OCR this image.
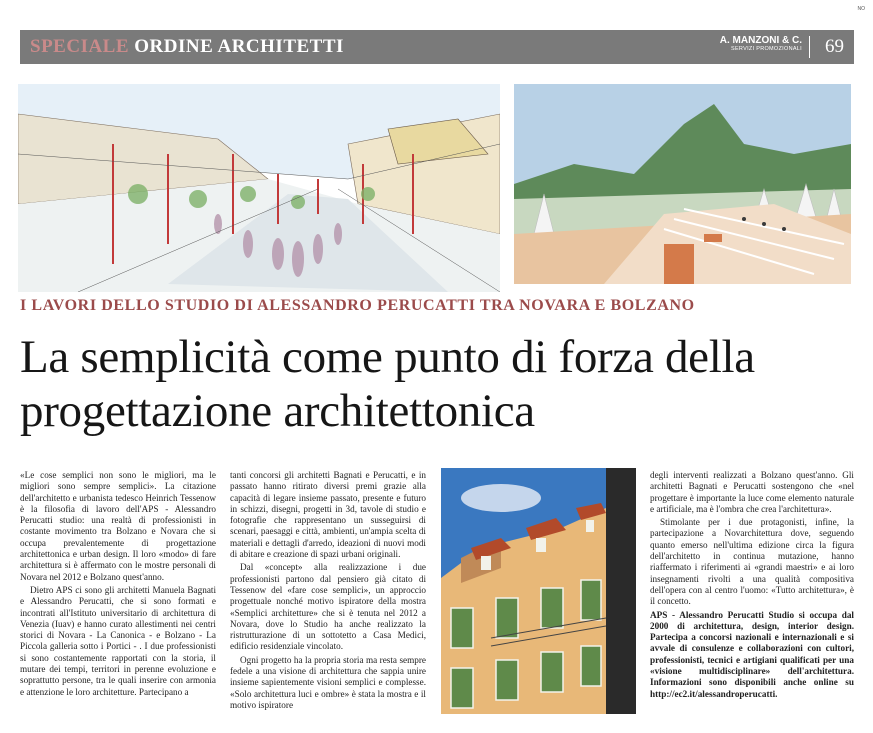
NO
SPECIALE ORDINE ARCHITETTI	A. MANZONI & C.
SERVIZI PROMOZIONALI 69
I LAVORI DELLO STUDIO DI ALESSANDRO PERUCATTI TRA NOVARA E BOLZANO
La semplicità come punto di forza della progettazione architettonica

«Le cose semplici non sono le migliori, ma le migliori sono sempre semplici». La citazione dell'architetto e urbanista tedesco Heinrich Tessenow è la filosofia di lavoro dell'APS - Alessandro Perucatti studio: una realtà di professionisti in costante movimento tra Bolzano e Novara che si occupa prevalentemente di progettazione architettonica e urban design. Il loro «modo» di fare architettura si è affermato con le mostre personali di Novara nel 2012 e Bolzano quest'anno.

Dietro APS ci sono gli architetti Manuela Bagnati e Alessandro Perucatti, che si sono formati e incontrati all'Istituto universitario di architettura di Venezia (Iuav) e hanno curato allestimenti nei centri storici di Novara - La Canonica - e Bolzano - La Piccola galleria sotto i Portici - . I due professionisti si sono costantemente rapportati con la storia, il mutare dei tempi, territori in perenne evoluzione e soprattutto persone, tra le quali inserire con armonia e attenzione le loro architetture. Partecipano a

tanti concorsi gli architetti Bagnati e Perucatti, e in passato hanno ritirato diversi premi grazie alla capacità di legare insieme passato, presente e futuro in schizzi, disegni, progetti in 3d, tavole di studio e fotografie che rappresentano un susseguirsi di scenari, paesaggi e città, ambienti, un'ampia scelta di materiali e dettagli d'arredo, ideazioni di nuovi modi di abitare e creazione di spazi urbani originali.

Dal «concept» alla realizzazione i due professionisti partono dal pensiero già citato di Tessenow del «fare cose semplici», un approccio progettuale nonché motivo ispiratore della mostra «Semplici architetture» che si è tenuta nel 2012 a Novara, dove lo Studio ha anche realizzato la ristrutturazione di un sottotetto a Casa Medici, edificio residenziale vincolato.

Ogni progetto ha la propria storia ma resta sempre fedele a una visione di architettura che sappia unire insieme sapientemente visioni semplici e complesse. «Solo architettura luci e ombre» è stata la mostra e il motivo ispiratore

degli interventi realizzati a Bolzano quest'anno. Gli architetti Bagnati e Perucatti sostengono che «nel progettare è importante la luce come elemento naturale e artificiale, ma è l'ombra che crea l'architettura».

Stimolante per i due protagonisti, infine, la partecipazione a Novarchitettura dove, seguendo quanto emerso nell'ultima edizione circa la figura dell'architetto in continua mutazione, hanno riaffermato i riferimenti ai «grandi maestri» e ai loro insegnamenti rivolti a una qualità compositiva dell'opera con al centro l'uomo: «Tutto architettura», è il concetto.

APS - Alessandro Perucatti Studio si occupa dal 2000 di architettura, design, interior design. Partecipa a concorsi nazionali e internazionali e si avvale di consulenze e collaborazioni con cultori, professionisti, tecnici e artigiani qualificati per una «visione multidisciplinare» dell'architettura. Informazioni sono disponibili anche online su http://ec2.it/alessandroperucatti.
